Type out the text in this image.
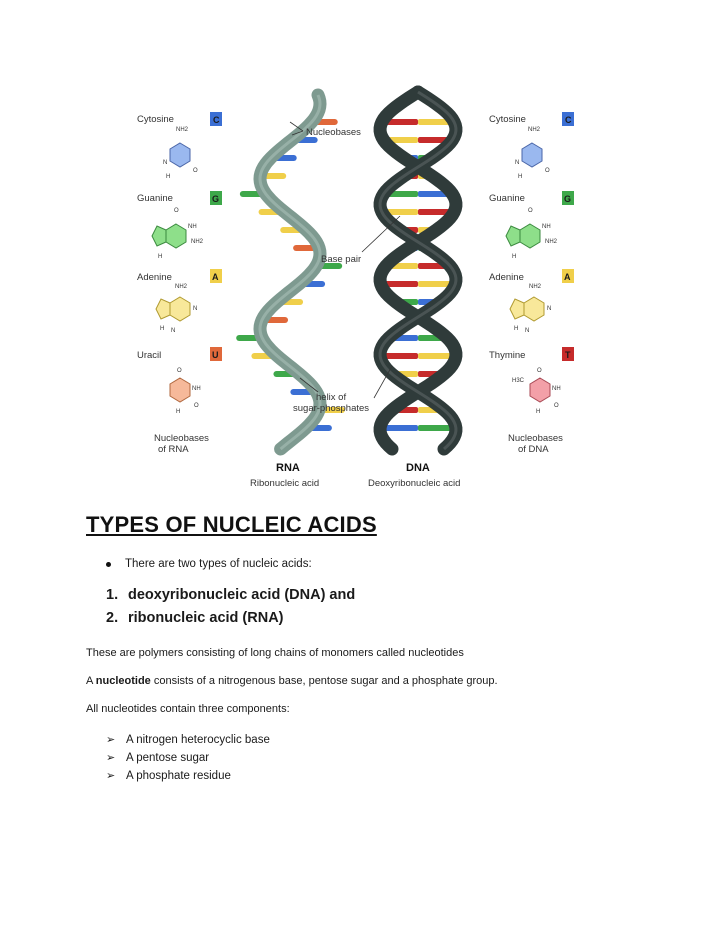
Cytosine
Guanine
Adenine
Uracil
C
G
A
U
Nucleobases
of RNA
Cytosine
Guanine
Adenine
Thymine
C
G
A
T
Nucleobases
of DNA
NH2
N
O
H
O
NH
NH2
H
NH2
N
N
H
O
NH
O
H
NH2
N
O
H
O
NH
NH2
H
NH2
N
N
H
O
H3C
NH
O
H
Nucleobases
Base pair
helix of
sugar-phosphates
RNA
Ribonucleic acid
DNA
Deoxyribonucleic acid
TYPES OF NUCLEIC ACIDS
There are two types of nucleic acids:
1. deoxyribonucleic acid (DNA) and
2. ribonucleic acid (RNA)

These are polymers consisting of long chains of monomers called nucleotides

A nucleotide consists of a nitrogenous base, pentose sugar and a phosphate group.

All nucleotides contain three components:

➢ A nitrogen heterocyclic base
➢ A pentose sugar
➢ A phosphate residue
